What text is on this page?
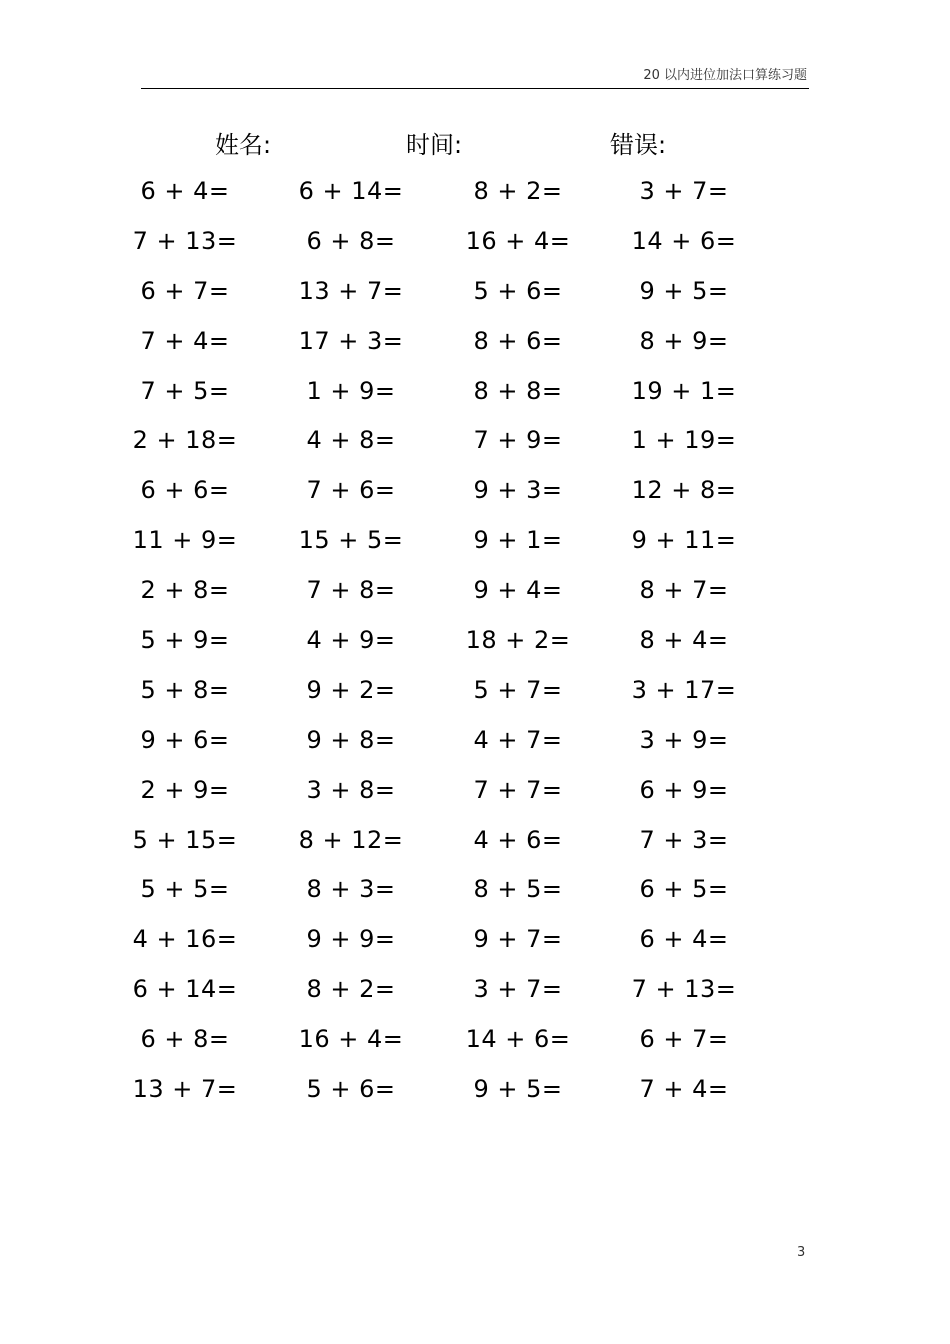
20 以内进位加法口算练习题
姓名:	时间:	错误:
6 + 4=	6 + 14=	8 + 2=	3 + 7=
7 + 13=	6 + 8=	16 + 4=	14 + 6=
6 + 7=	13 + 7=	5 + 6=	9 + 5=
7 + 4=	17 + 3=	8 + 6=	8 + 9=
7 + 5=	1 + 9=	8 + 8=	19 + 1=
2 + 18=	4 + 8=	7 + 9=	1 + 19=
6 + 6=	7 + 6=	9 + 3=	12 + 8=
11 + 9=	15 + 5=	9 + 1=	9 + 11=
2 + 8=	7 + 8=	9 + 4=	8 + 7=
5 + 9=	4 + 9=	18 + 2=	8 + 4=
5 + 8=	9 + 2=	5 + 7=	3 + 17=
9 + 6=	9 + 8=	4 + 7=	3 + 9=
2 + 9=	3 + 8=	7 + 7=	6 + 9=
5 + 15=	8 + 12=	4 + 6=	7 + 3=
5 + 5=	8 + 3=	8 + 5=	6 + 5=
4 + 16=	9 + 9=	9 + 7=	6 + 4=
6 + 14=	8 + 2=	3 + 7=	7 + 13=
6 + 8=	16 + 4=	14 + 6=	6 + 7=
13 + 7=	5 + 6=	9 + 5=	7 + 4=
3
